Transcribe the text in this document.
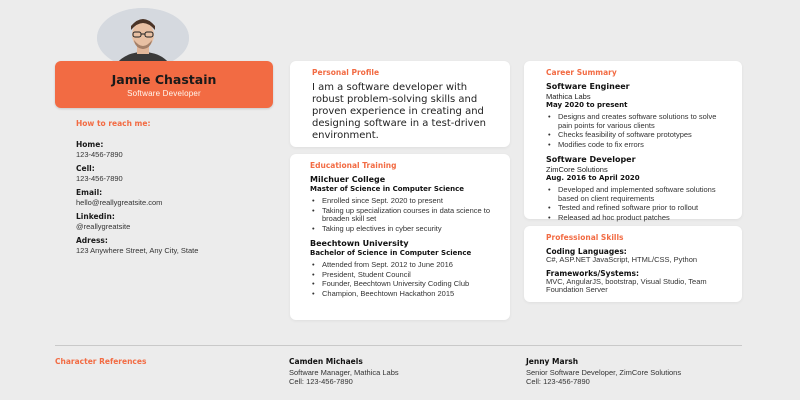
Jamie Chastain
Software Developer
How to reach me:
Home:
123-456-7890
Cell:
123-456-7890
Email:
hello@reallygreatsite.com
Linkedin:
@reallygreatsite
Adress:
123 Anywhere Street, Any City, State
Personal Profile
I am a software developer with robust problem-solving skills and proven experience in creating and designing software in a test-driven environment.
Educational Training
Milchuer College
Master of Science in Computer Science
• Enrolled since Sept. 2020 to present
• Taking up specialization courses in data science to broaden skill set
• Taking up electives in cyber security
Beechtown University
Bachelor of Science in Computer Science
• Attended from Sept. 2012 to June 2016
• President, Student Council
• Founder, Beechtown University Coding Club
• Champion, Beechtown Hackathon 2015
Career Summary
Software Engineer
Mathica Labs
May 2020 to present
• Designs and creates software solutions to solve pain points for various clients
• Checks feasibility of software prototypes
• Modifies code to fix errors
Software Developer
ZimCore Solutions
Aug. 2016 to April 2020
• Developed and implemented software solutions based on client requirements
• Tested and refined software prior to rollout
• Released ad hoc product patches
Professional Skills
Coding Languages:
C#, ASP.NET JavaScript, HTML/CSS, Python
Frameworks/Systems:
MVC, AngularJS, bootstrap, Visual Studio, Team Foundation Server
Character References	Camden Michaels
Software Manager, Mathica Labs
Cell: 123-456-7890
Jenny Marsh
Senior Software Developer, ZimCore Solutions
Cell: 123-456-7890
